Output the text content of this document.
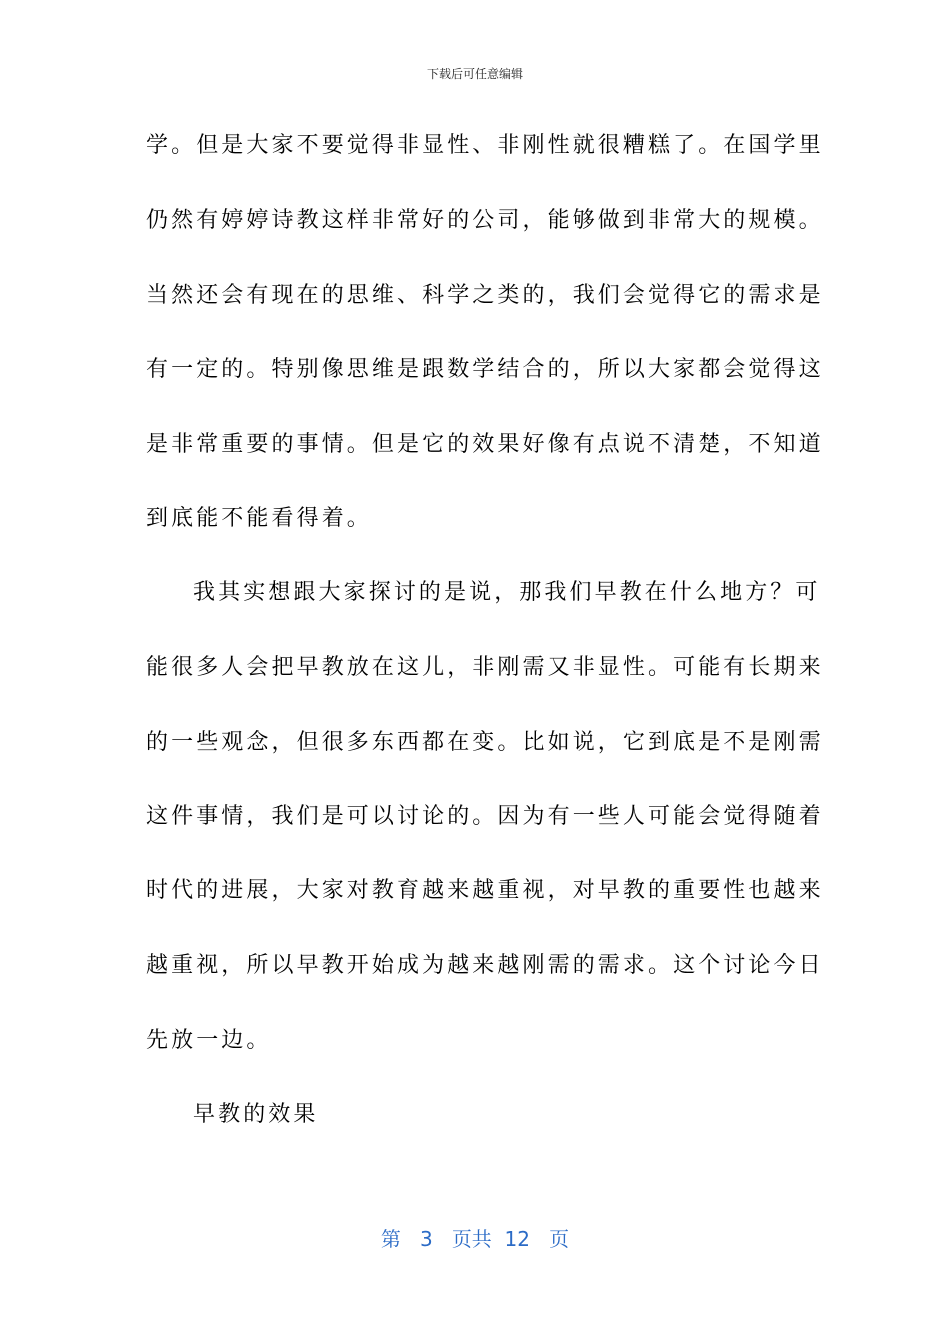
下载后可任意编辑
学。但是大家不要觉得非显性、非刚性就很糟糕了。在国学里
仍然有婷婷诗教这样非常好的公司，能够做到非常大的规模。
当然还会有现在的思维、科学之类的，我们会觉得它的需求是
有一定的。特别像思维是跟数学结合的，所以大家都会觉得这
是非常重要的事情。但是它的效果好像有点说不清楚，不知道
到底能不能看得着。
我其实想跟大家探讨的是说，那我们早教在什么地方？可
能很多人会把早教放在这儿，非刚需又非显性。可能有长期来
的一些观念，但很多东西都在变。比如说，它到底是不是刚需
这件事情，我们是可以讨论的。因为有一些人可能会觉得随着
时代的进展，大家对教育越来越重视，对早教的重要性也越来
越重视，所以早教开始成为越来越刚需的需求。这个讨论今日
先放一边。
早教的效果
第 3 页共 12 页
